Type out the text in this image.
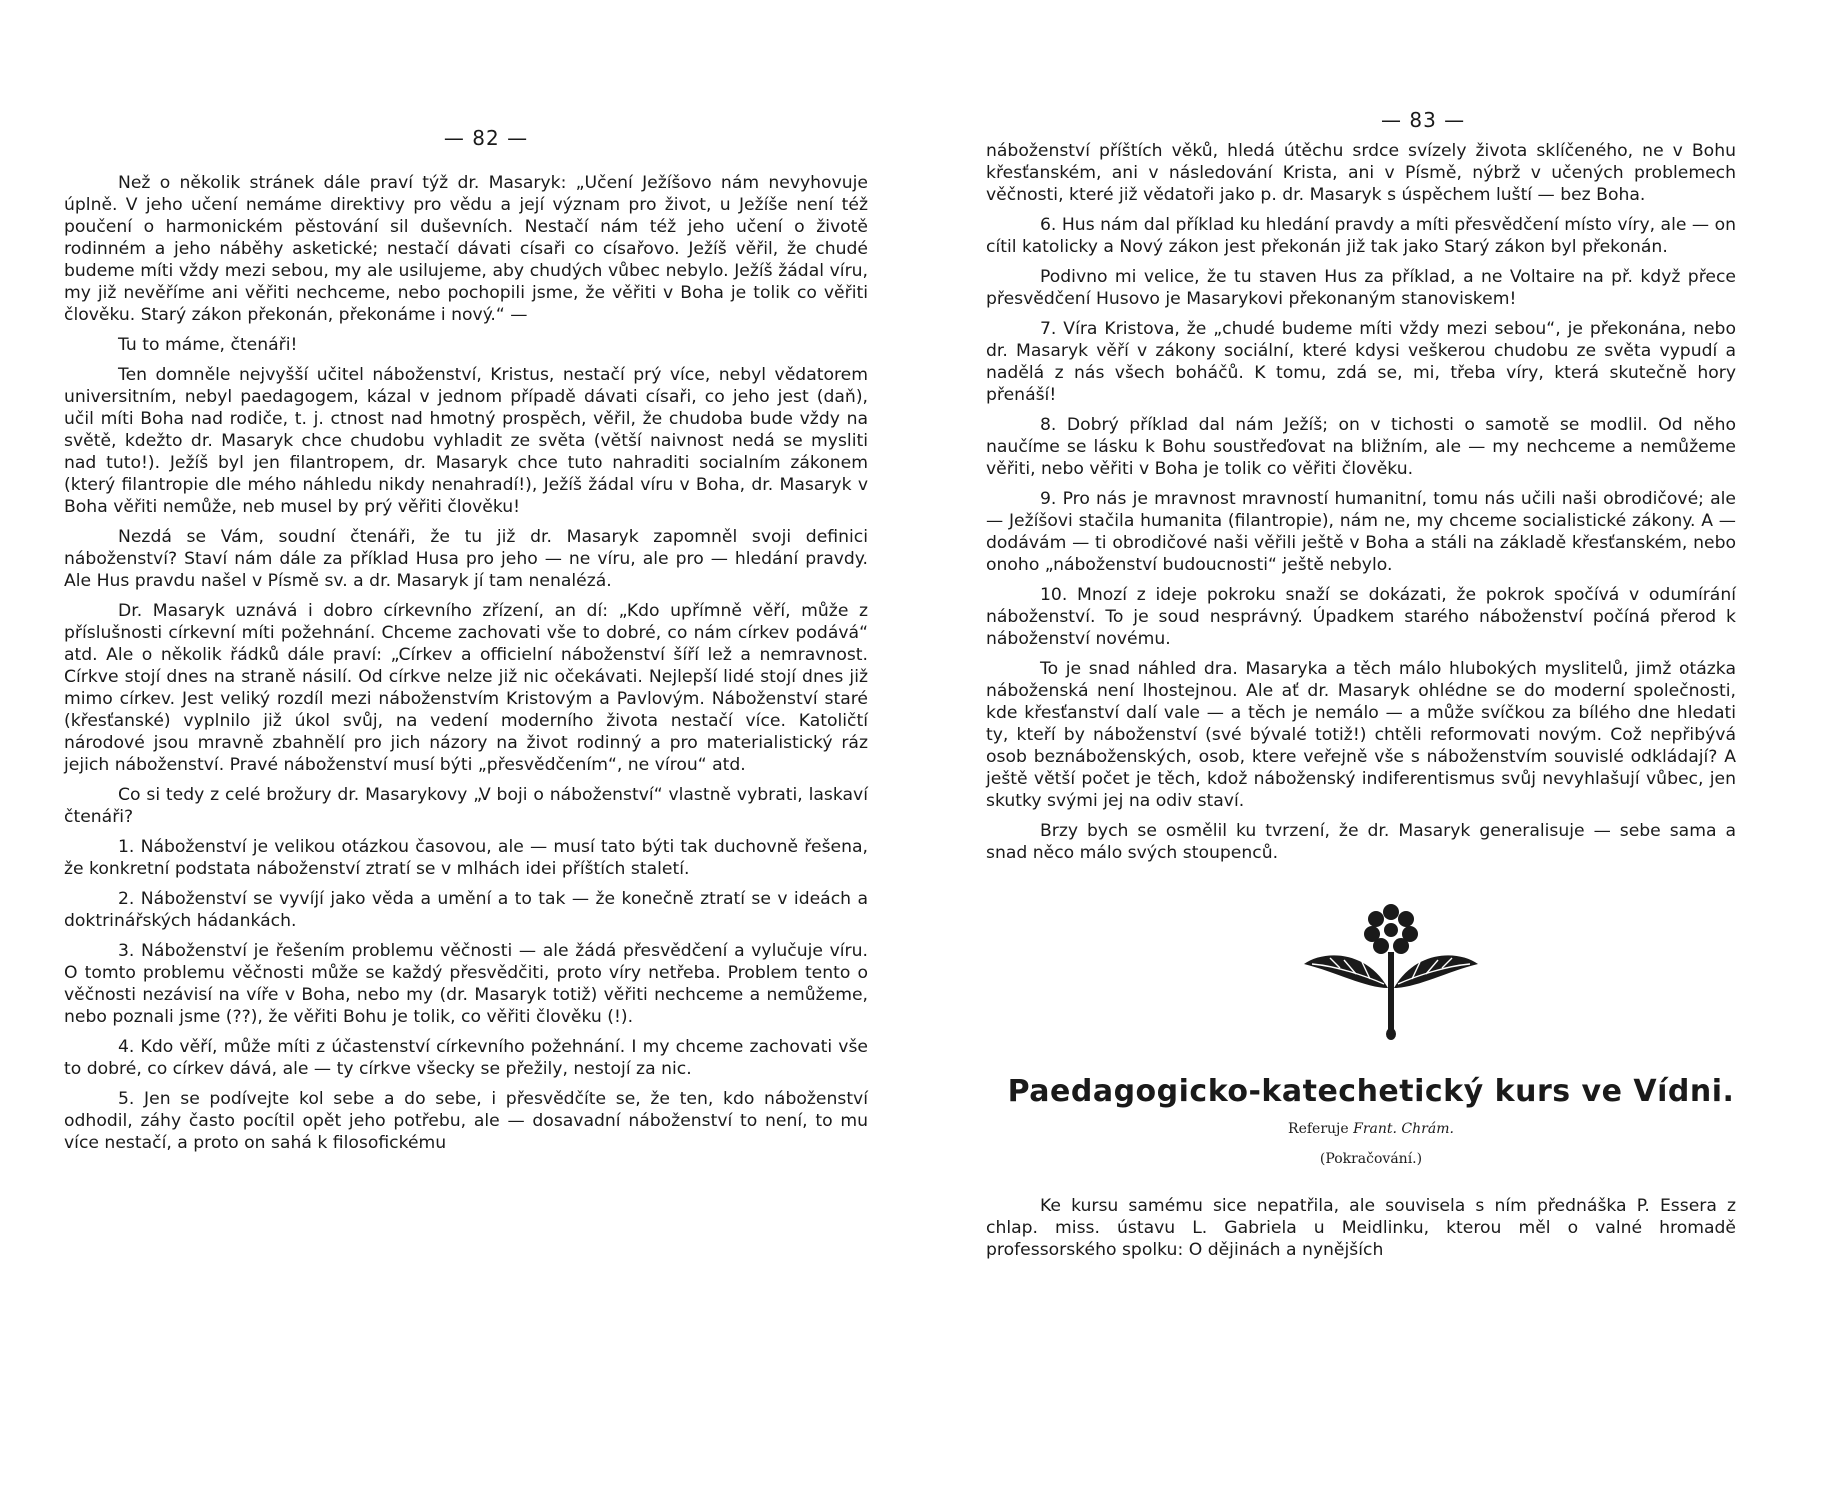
— 82 —

Než o několik stránek dále praví týž dr. Masaryk: „Učení Ježíšovo nám nevyhovuje úplně. V jeho učení nemáme direktivy pro vědu a její význam pro život, u Ježíše není též poučení o harmonickém pěstování sil duševních. Nestačí nám též jeho učení o životě rodinném a jeho náběhy asketické; nestačí dávati císaři co císařovo. Ježíš věřil, že chudé budeme míti vždy mezi sebou, my ale usilujeme, aby chudých vůbec nebylo. Ježíš žádal víru, my již nevěříme ani věřiti nechceme, nebo pochopili jsme, že věřiti v Boha je tolik co věřiti člověku. Starý zákon překonán, překonáme i nový.“ —

Tu to máme, čtenáři!

Ten domněle nejvyšší učitel náboženství, Kristus, nestačí prý více, nebyl vědatorem universitním, nebyl paedagogem, kázal v jednom případě dávati císaři, co jeho jest (daň), učil míti Boha nad rodiče, t. j. ctnost nad hmotný prospěch, věřil, že chudoba bude vždy na světě, kdežto dr. Masaryk chce chudobu vyhladit ze světa (větší naivnost nedá se mysliti nad tuto!). Ježíš byl jen filantropem, dr. Masaryk chce tuto nahraditi socialním zákonem (který filantropie dle mého náhledu nikdy nenahradí!), Ježíš žádal víru v Boha, dr. Masaryk v Boha věřiti nemůže, neb musel by prý věřiti člověku!

Nezdá se Vám, soudní čtenáři, že tu již dr. Masaryk zapomněl svoji definici náboženství? Staví nám dále za příklad Husa pro jeho — ne víru, ale pro — hledání pravdy. Ale Hus pravdu našel v Písmě sv. a dr. Masaryk jí tam nenalézá.

Dr. Masaryk uznává i dobro církevního zřízení, an dí: „Kdo upřímně věří, může z příslušnosti církevní míti požehnání. Chceme zachovati vše to dobré, co nám církev podává“ atd. Ale o několik řádků dále praví: „Církev a officielní náboženství šíří lež a nemravnost. Církve stojí dnes na straně násilí. Od církve nelze již nic očekávati. Nejlepší lidé stojí dnes již mimo církev. Jest veliký rozdíl mezi náboženstvím Kristovým a Pavlovým. Náboženství staré (křesťanské) vyplnilo již úkol svůj, na vedení moderního života nestačí více. Katoličtí národové jsou mravně zbahnělí pro jich názory na život rodinný a pro materialistický ráz jejich náboženství. Pravé náboženství musí býti „přesvědčením“, ne vírou“ atd.

Co si tedy z celé brožury dr. Masarykovy „V boji o náboženství“ vlastně vybrati, laskaví čtenáři?

1. Náboženství je velikou otázkou časovou, ale — musí tato býti tak duchovně řešena, že konkretní podstata náboženství ztratí se v mlhách idei příštích staletí.

2. Náboženství se vyvíjí jako věda a umění a to tak — že konečně ztratí se v ideách a doktrinářských hádankách.

3. Náboženství je řešením problemu věčnosti — ale žádá přesvědčení a vylučuje víru. O tomto problemu věčnosti může se každý přesvědčiti, proto víry netřeba. Problem tento o věčnosti nezávisí na víře v Boha, nebo my (dr. Masaryk totiž) věřiti nechceme a nemůžeme, nebo poznali jsme (??), že věřiti Bohu je tolik, co věřiti člověku (!).

4. Kdo věří, může míti z účastenství církevního požehnání. I my chceme zachovati vše to dobré, co církev dává, ale — ty církve všecky se přežily, nestojí za nic.

5. Jen se podívejte kol sebe a do sebe, i přesvědčíte se, že ten, kdo náboženství odhodil, záhy často pocítil opět jeho potřebu, ale — dosavadní náboženství to není, to mu více nestačí, a proto on sahá k filosofickému

— 83 —

náboženství příštích věků, hledá útěchu srdce svízely života sklíčeného, ne v Bohu křesťanském, ani v následování Krista, ani v Písmě, nýbrž v učených problemech věčnosti, které již vědatoři jako p. dr. Masaryk s úspěchem luští — bez Boha.

6. Hus nám dal příklad ku hledání pravdy a míti přesvědčení místo víry, ale — on cítil katolicky a Nový zákon jest překonán již tak jako Starý zákon byl překonán.

Podivno mi velice, že tu staven Hus za příklad, a ne Voltaire na př. když přece přesvědčení Husovo je Masarykovi překonaným stanoviskem!

7. Víra Kristova, že „chudé budeme míti vždy mezi sebou“, je překonána, nebo dr. Masaryk věří v zákony sociální, které kdysi veškerou chudobu ze světa vypudí a nadělá z nás všech boháčů. K tomu, zdá se, mi, třeba víry, která skutečně hory přenáší!

8. Dobrý příklad dal nám Ježíš; on v tichosti o samotě se modlil. Od něho naučíme se lásku k Bohu soustřeďovat na bližním, ale — my nechceme a nemůžeme věřiti, nebo věřiti v Boha je tolik co věřiti člověku.

9. Pro nás je mravnost mravností humanitní, tomu nás učili naši obrodičové; ale — Ježíšovi stačila humanita (filantropie), nám ne, my chceme socialistické zákony. A — dodávám — ti obrodičové naši věřili ještě v Boha a stáli na základě křesťanském, nebo onoho „náboženství budoucnosti“ ještě nebylo.

10. Mnozí z ideje pokroku snaží se dokázati, že pokrok spočívá v odumírání náboženství. To je soud nesprávný. Úpadkem starého náboženství počíná přerod k náboženství novému.

To je snad náhled dra. Masaryka a těch málo hlubokých myslitelů, jimž otázka náboženská není lhostejnou. Ale ať dr. Masaryk ohlédne se do moderní společnosti, kde křesťanství dalí vale — a těch je nemálo — a může svíčkou za bílého dne hledati ty, kteří by náboženství (své bývalé totiž!) chtěli reformovati novým. Což nepřibývá osob beznáboženských, osob, ktere veřejně vše s náboženstvím souvislé odkládají? A ještě větší počet je těch, kdož náboženský indiferentismus svůj nevyhlašují vůbec, jen skutky svými jej na odiv staví.

Brzy bych se osmělil ku tvrzení, že dr. Masaryk generalisuje — sebe sama a snad něco málo svých stoupenců.

Paedagogicko-katechetický kurs ve Vídni.
Referuje Frant. Chrám.
(Pokračování.)

Ke kursu samému sice nepatřila, ale souvisela s ním přednáška P. Essera z chlap. miss. ústavu L. Gabriela u Meidlinku, kterou měl o valné hromadě professorského spolku: O dějinách a nynějších
